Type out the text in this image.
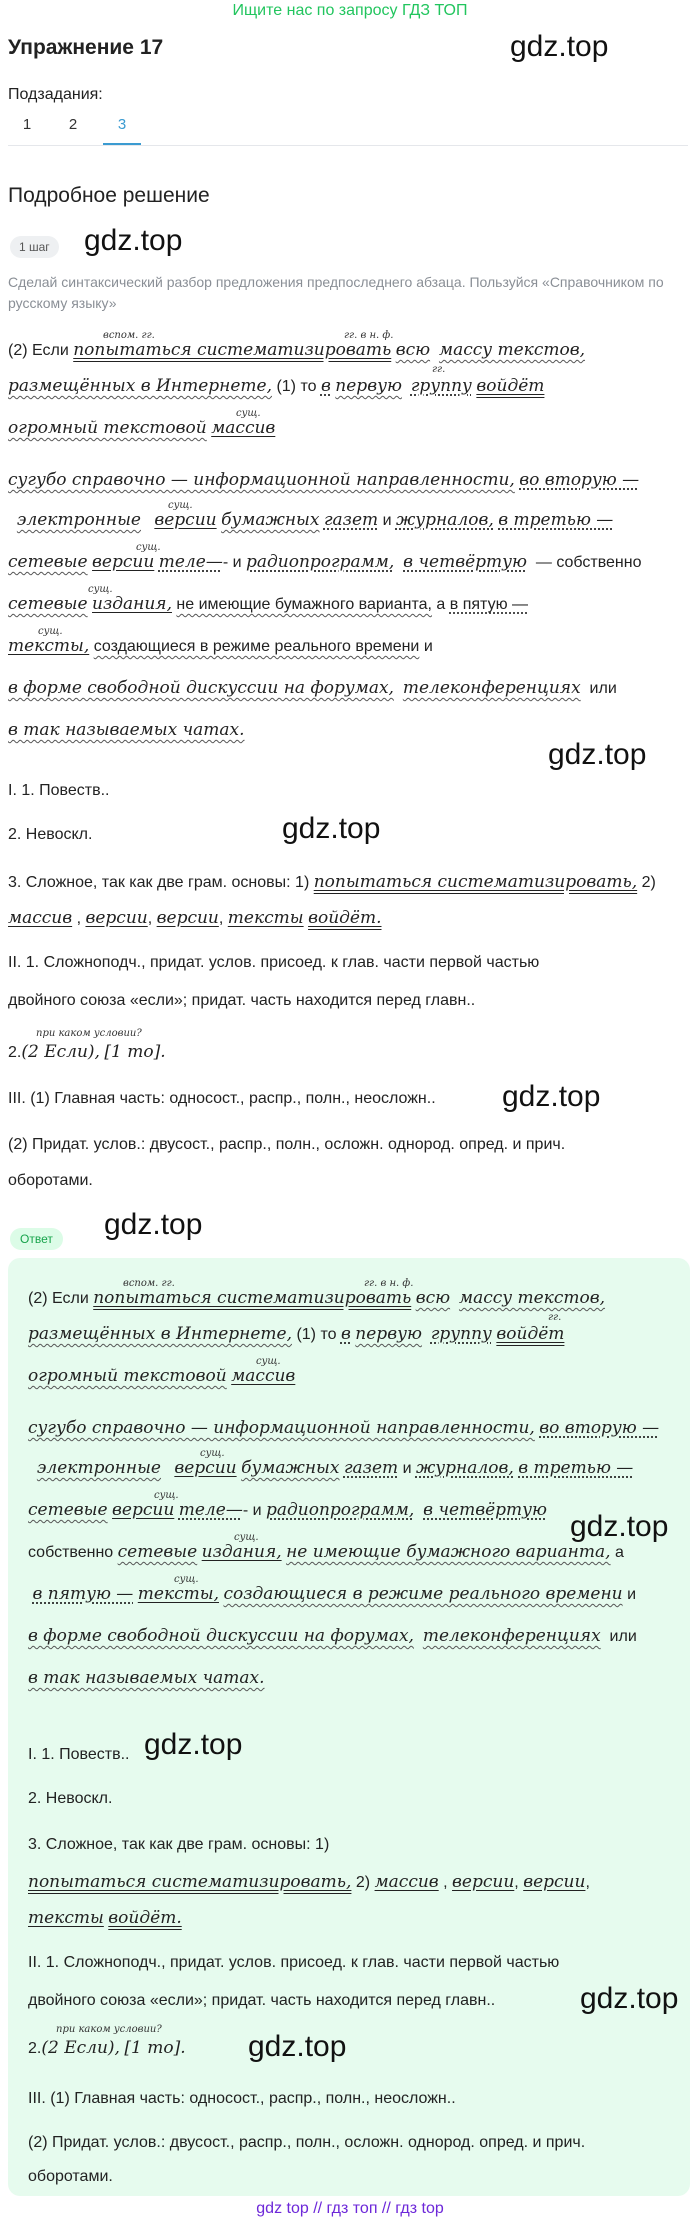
Ищите нас по запросу ГДЗ ТОП
Упражнение 17	gdz.top
Подзадания:
1	2	3
Подробное решение
1 шаг	gdz.top
Сделай синтаксический разбор предложения предпоследнего абзаца. Пользуйся «Справочником по русскому языку»
вспом. гг.	гг. в н. ф.
(2) Если попытаться систематизировать всю массу текстов,
гг.
размещённых в Интернете, (1) то в первую группу войдёт
сущ.
огромный текстовой массив
сугубо справочно — информационной направленности, во вторую —
сущ.
электронные версии бумажных газет и журналов, в третью —
сущ.
сетевые версии теле—- и радиопрограмм, в четвёртую — собственно
сущ.
сетевые издания, не имеющие бумажного варианта, а в пятую —
сущ.
тексты, создающиеся в режиме реального времени и
в форме свободной дискуссии на форумах, телеконференциях или
в так называемых чатах.
gdz.top
I. 1. Повеств..
2. Невоскл.	gdz.top
3. Сложное, так как две грам. основы: 1) попытаться систематизировать, 2)
массив , версии, версии, тексты войдёт.
II. 1. Сложноподч., придат. услов. присоед. к глав. части первой частью
двойного союза «если»; придат. часть находится перед главн..
при каком условии?
2.(2 Если), [1 то].
III. (1) Главная часть: односост., распр., полн., неосложн.. gdz.top
(2) Придат. услов.: двусост., распр., полн., осложн. однород. опред. и прич.
оборотами.
Ответ	gdz.top
вспом. гг.	гг. в н. ф.
(2) Если попытаться систематизировать всю массу текстов,
гг.
размещённых в Интернете, (1) то в первую группу войдёт
сущ.
огромный текстовой массив
сугубо справочно — информационной направленности, во вторую —
сущ.
электронные версии бумажных газет и журналов, в третью —
сущ.
сетевые версии теле—- и радиопрограмм, в четвёртую
сущ.
собственно сетевые издания, не имеющие бумажного варианта, а
сущ.
в пятую — тексты, создающиеся в режиме реального времени и
в форме свободной дискуссии на форумах, телеконференциях или
в так называемых чатах.
gdz.top
I. 1. Повеств.. gdz.top
2. Невоскл.
3. Сложное, так как две грам. основы: 1)
попытаться систематизировать, 2) массив , версии, версии,
тексты войдёт.
II. 1. Сложноподч., придат. услов. присоед. к глав. части первой частью
двойного союза «если»; придат. часть находится перед главн..	gdz.top
при каком условии?
2.(2 Если), [1 то]. gdz.top
III. (1) Главная часть: односост., распр., полн., неосложн..
(2) Придат. услов.: двусост., распр., полн., осложн. однород. опред. и прич.
оборотами.
gdz top // гдз топ // гдз top
